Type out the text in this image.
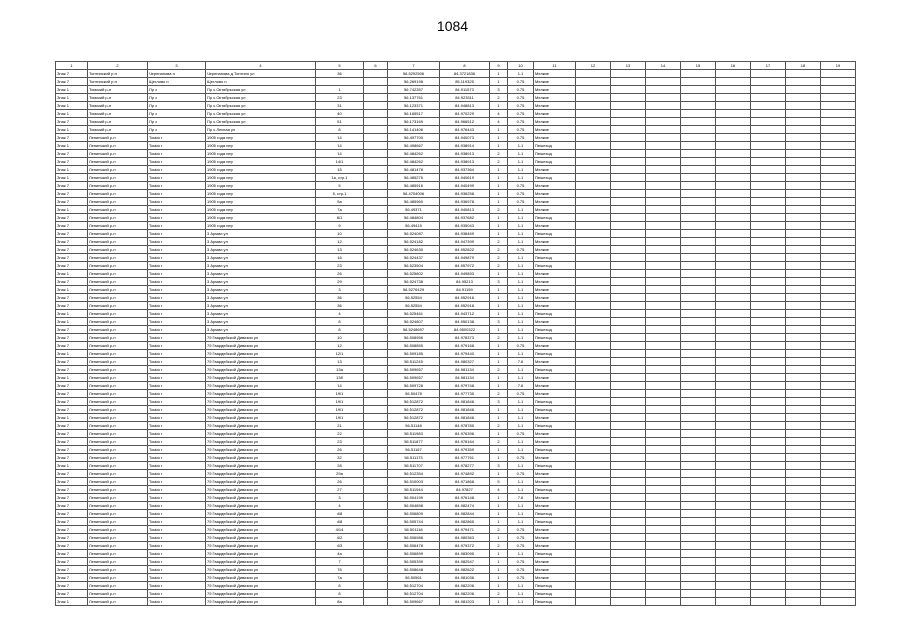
1084
1	2	3	4	5	6	7	8	9	10	11	12	13	14	15	16	17	18	19
Знак 7	Топтинский р-н	Черепанова п	Черепанова д.Топтино ул	36		56.5292506	84.3721836	1	1.1	Мелкие								
Знак 7	Топтинский р-н	Щеглово п	Щеглово п			56.269198	85.119325	1	0.75	Мелкие								
Знак 1	Томский р-н	Пр с	Пр с.Октябрьская ул	1		56.742357	84.911573	3	0.75	Мелкие								
Знак 1	Томский р-н	Пр с	Пр с.Октябрьская ул	23		56.137761	84.923311	2	0.75	Мелкие								
Знак 1	Томский р-н	Пр с	Пр с.Октябрьская ул	31		56.123371	84.948813	1	0.75	Мелкие								
Знак 1	Томский р-н	Пр с	Пр с.Октябрьская ул	40		56.165517	84.970229	4	0.75	Мелкие								
Знак 7	Томский р-н	Пр с	Пр с.Октябрьская ул	51		56.173169	84.966512	4	0.75	Мелкие								
Знак 1	Томский р-н	Пр с	Пр с.Лесная ул	8		56.141406	84.976443	1	0.75	Мелкие								
Знак 7	Ленинский р-н	Томск г	1905 года пер	14		56.497700	84.940073	1	0.75	Мелкие								
Знак 1	Ленинский р-н	Томск г	1905 года пер	14		56.498667	84.938914	1	1.1	Пешеход								
Знак 7	Ленинский р-н	Томск г	1905 года пер	14		56.484262	84.938913	2	1.1	Пешеход								
Знак 7	Ленинский р-н	Томск г	1905 года пер	14/1		56.484262	84.938913	2	1.1	Пешеход								
Знак 1	Ленинский р-н	Томск г	1905 года пер	15		56.481478	84.937364	1	1.1	Мелкие								
Знак 1	Ленинский р-н	Томск г	1905 года пер	1а, стр.1		56.485276	84.940619	1	1.1	Пешеход								
Знак 7	Ленинский р-н	Томск г	1905 года пер	5		56.485916	84.940499	1	0.75	Мелкие								
Знак 7	Ленинский р-н	Томск г	1905 года пер	5, стр.1		56.4704006	84.936258	1	0.75	Мелкие								
Знак 7	Ленинский р-н	Томск г	1905 года пер	5а		56.485960	84.936978	1	0.75	Мелкие								
Знак 1	Ленинский р-н	Томск г	1905 года пер	7а		56.49371	84.940813	2	1.1	Мелкие								
Знак 7	Ленинский р-н	Томск г	1905 года пер	8/1		56.484804	84.937682	1	1.1	Пешеход								
Знак 7	Ленинский р-н	Томск г	1905 года пер	9		56.49415	84.935043	1	1.1	Мелкие								
Знак 7	Ленинский р-н	Томск г	3 Армии ул	10		56.524087	84.938469	1	1.1	Пешеход								
Знак 7	Ленинский р-н	Томск г	3 Армии ул	12		56.524182	84.947399	2	1.1	Мелкие								
Знак 7	Ленинский р-н	Томск г	3 Армии ул	13		56.524630	84.952822	2	0.75	Мелкие								
Знак 7	Ленинский р-н	Томск г	3 Армии ул	16		56.524437	84.949879	2	1.1	Пешеход								
Знак 7	Ленинский р-н	Томск г	3 Армии ул	23		56.523504	84.957972	2	1.1	Пешеход								
Знак 1	Ленинский р-н	Томск г	3 Армии ул	26		56.525802	84.949893	1	1.1	Мелкие								
Знак 7	Ленинский р-н	Томск г	3 Армии ул	29		56.524738	84.95213	3	1.1	Мелкие								
Знак 1	Ленинский р-н	Томск г	3 Армии ул	3		56.5276429	84.91159	1	1.1	Мелкие								
Знак 7	Ленинский р-н	Томск г	3 Армии ул	36		56.52554	84.952916	1	1.1	Мелкие								
Знак 7	Ленинский р-н	Томск г	3 Армии ул	36		56.52554	84.952918	1	1.1	Мелкие								
Знак 1	Ленинский р-н	Томск г	3 Армии ул	4		56.525461	84.943712	1	1.1	Пешеход								
Знак 1	Ленинский р-н	Томск г	3 Армии ул	8		56.524807	84.950138	3	1.1	Мелкие								
Знак 7	Ленинский р-н	Томск г	3 Армии ул	8		56.5248697	84.9500322	1	1.1	Пешеход								
Знак 7	Ленинский р-н	Томск г	79 Гвардейской Дивизии ул	10		56.508956	84.978373	2	1.1	Пешеход								
Знак 7	Ленинский р-н	Томск г	79 Гвардейской Дивизии ул	12		56.508855	84.979168	1	0.75	Мелкие								
Знак 1	Ленинский р-н	Томск г	79 Гвардейской Дивизии ул	12/1		56.509185	84.979440	1	1.1	Пешеход								
Знак 7	Ленинский р-н	Томск г	79 Гвардейской Дивизии ул	13		56.511245	84.980327	1	7.6	Мелкие								
Знак 7	Ленинский р-н	Томск г	79 Гвардейской Дивизии ул	13а		56.509657	84.981134	2	1.1	Пешеход								
Знак 1	Ленинский р-н	Томск г	79 Гвардейской Дивизии ул	13б		56.509657	84.981134	1	1.1	Мелкие								
Знак 7	Ленинский р-н	Томск г	79 Гвардейской Дивизии ул	14		56.509728	84.979748	1	7.6	Мелкие								
Знак 7	Ленинский р-н	Томск г	79 Гвардейской Дивизии ул	19/1		56.50478	84.977735	2	0.75	Мелкие								
Знак 7	Ленинский р-н	Томск г	79 Гвардейской Дивизии ул	19/1		56.512872	84.981846	3	1.1	Пешеход								
Знак 7	Ленинский р-н	Томск г	79 Гвардейской Дивизии ул	19/1		56.512872	84.981846	1	1.1	Пешеход								
Знак 1	Ленинский р-н	Томск г	79 Гвардейской Дивизии ул	19/1		56.512872	84.981846	1	1.1	Мелкие								
Знак 7	Ленинский р-н	Томск г	79 Гвардейской Дивизии ул	21		56.51148	84.978785	2	1.1	Пешеход								
Знак 7	Ленинский р-н	Томск г	79 Гвардейской Дивизии ул	22		56.511983	84.976396	1	0.75	Мелкие								
Знак 7	Ленинский р-н	Томск г	79 Гвардейской Дивизии ул	23		56.511877	84.978164	2	1.1	Мелкие								
Знак 7	Ленинский р-н	Томск г	79 Гвардейской Дивизии ул	26		56.51167	84.979359	1	1.1	Пешеход								
Знак 7	Ленинский р-н	Томск г	79 Гвардейской Дивизии ул	32		56.511173	84.977761	1	0.75	Мелкие								
Знак 1	Ленинский р-н	Томск г	79 Гвардейской Дивизии ул	28		56.511707	84.978277	3	1.1	Пешеход								
Знак 7	Ленинский р-н	Томск г	79 Гвардейской Дивизии ул	29а		56.512354	84.974892	1	0.75	Мелкие								
Знак 7	Ленинский р-н	Томск г	79 Гвардейской Дивизии ул	26		56.510003	84.971868	5	1.1	Мелкие								
Знак 7	Ленинский р-н	Томск г	79 Гвардейской Дивизии ул	27		56.511944	84.97827	4	1.1	Пешеход								
Знак 7	Ленинский р-н	Томск г	79 Гвардейской Дивизии ул	3		56.504199	84.976148	1	7.6	Мелкие								
Знак 7	Ленинский р-н	Томск г	79 Гвардейской Дивизии ул	4		56.504898	84.982474	1	1.1	Мелкие								
Знак 7	Ленинский р-н	Томск г	79 Гвардейской Дивизии ул	4/8		56.506809	84.982844	1	1.1	Пешеход								
Знак 7	Ленинский р-н	Томск г	79 Гвардейской Дивизии ул	4/8		56.505744	84.982865	1	1.1	Пешеход								
Знак 7	Ленинский р-н	Томск г	79 Гвардейской Дивизии ул	4/14		56.501118	84.979471	2	0.75	Мелкие								
Знак 7	Ленинский р-н	Томск г	79 Гвардейской Дивизии ул	4/2		56.506988	84.980363	1	0.75	Мелкие								
Знак 7	Ленинский р-н	Томск г	79 Гвардейской Дивизии ул	4/3		56.506478	84.979372	2	0.75	Мелкие								
Знак 7	Ленинский р-н	Томск г	79 Гвардейской Дивизии ул	4а		56.506899	84.983095	1	1.1	Пешеход								
Знак 7	Ленинский р-н	Томск г	79 Гвардейской Дивизии ул	7		56.505399	84.982547	1	0.75	Мелкие								
Знак 7	Ленинский р-н	Томск г	79 Гвардейской Дивизии ул	76		56.508648	84.982622	1	0.75	Мелкие								
Знак 7	Ленинский р-н	Томск г	79 Гвардейской Дивизии ул	7а		56.50561	84.981036	1	0.75	Мелкие								
Знак 7	Ленинский р-н	Томск г	79 Гвардейской Дивизии ул	8		56.512704	84.982206	1	1.1	Пешеход								
Знак 7	Ленинский р-н	Томск г	79 Гвардейской Дивизии ул	8		56.512704	84.982206	2	1.1	Пешеход								
Знак 1	Ленинский р-н	Томск г	79 Гвардейской Дивизии ул	8а		56.509667	84.981203	1	1.1	Пешеход								
